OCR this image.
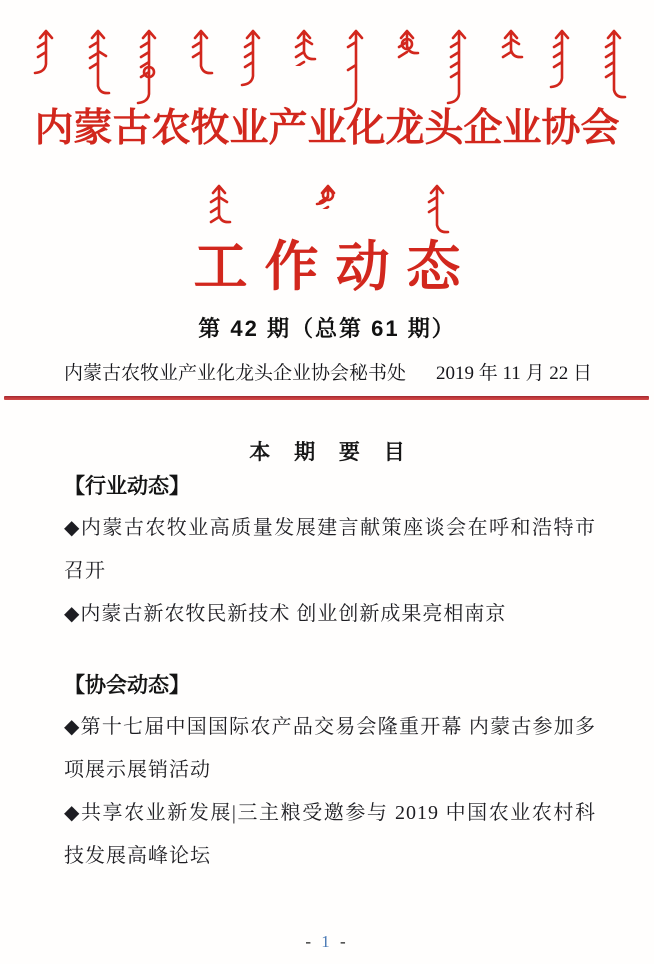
内蒙古农牧业产业化龙头企业协会
工作动态
第 42 期（总第 61 期）
内蒙古农牧业产业化龙头企业协会秘书处 2019 年 11 月 22 日
本 期 要 目

【行业动态】

◆内蒙古农牧业高质量发展建言献策座谈会在呼和浩特市召开

◆内蒙古新农牧民新技术 创业创新成果亮相南京

【协会动态】

◆第十七届中国国际农产品交易会隆重开幕 内蒙古参加多项展示展销活动

◆共享农业新发展|三主粮受邀参与 2019 中国农业农村科技发展高峰论坛

- 1 -
